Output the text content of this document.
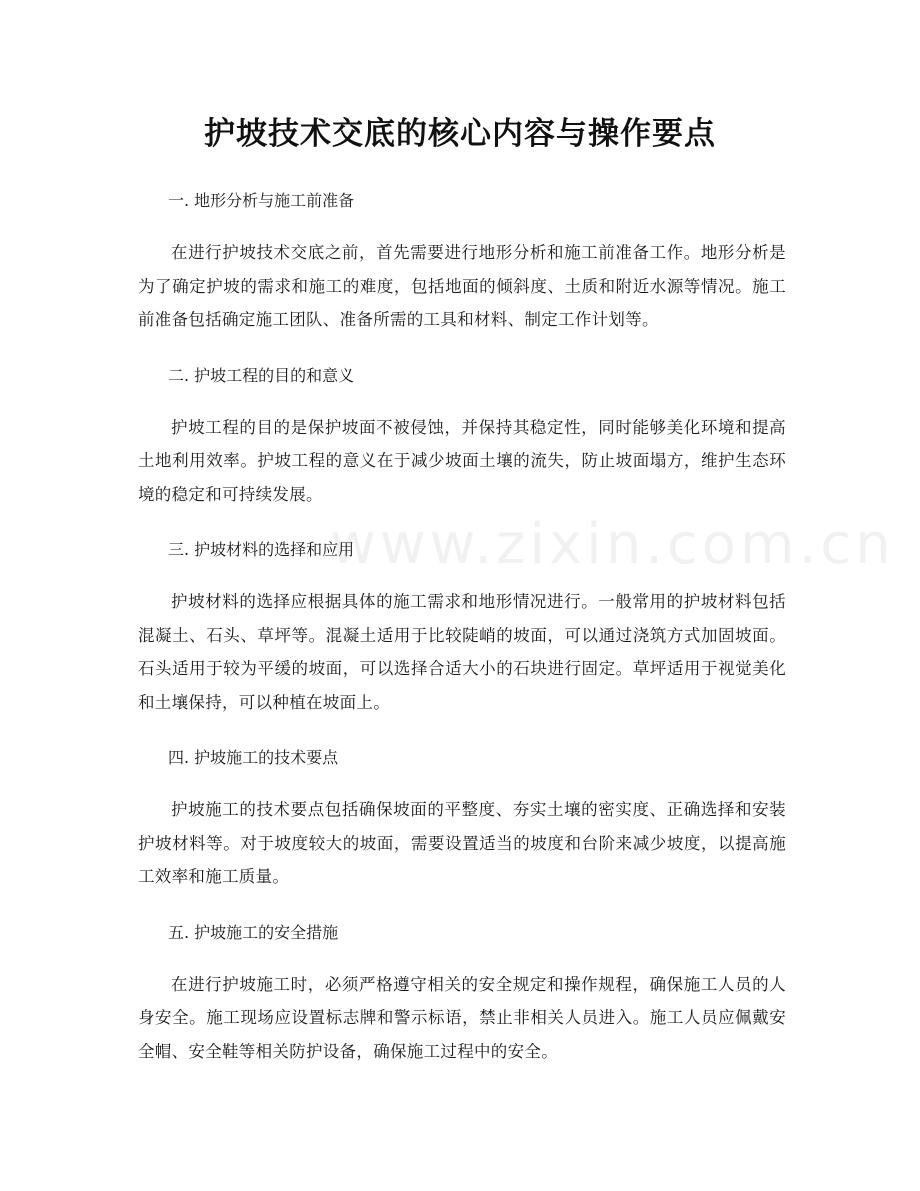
护坡技术交底的核心内容与操作要点
www.zixin.com.cn

一. 地形分析与施工前准备

在进行护坡技术交底之前，首先需要进行地形分析和施工前准备工作。地形分析是为了确定护坡的需求和施工的难度，包括地面的倾斜度、土质和附近水源等情况。施工前准备包括确定施工团队、准备所需的工具和材料、制定工作计划等。

二. 护坡工程的目的和意义

护坡工程的目的是保护坡面不被侵蚀，并保持其稳定性，同时能够美化环境和提高土地利用效率。护坡工程的意义在于减少坡面土壤的流失，防止坡面塌方，维护生态环境的稳定和可持续发展。

三. 护坡材料的选择和应用

护坡材料的选择应根据具体的施工需求和地形情况进行。一般常用的护坡材料包括混凝土、石头、草坪等。混凝土适用于比较陡峭的坡面，可以通过浇筑方式加固坡面。石头适用于较为平缓的坡面，可以选择合适大小的石块进行固定。草坪适用于视觉美化和土壤保持，可以种植在坡面上。

四. 护坡施工的技术要点

护坡施工的技术要点包括确保坡面的平整度、夯实土壤的密实度、正确选择和安装护坡材料等。对于坡度较大的坡面，需要设置适当的坡度和台阶来减少坡度，以提高施工效率和施工质量。

五. 护坡施工的安全措施

在进行护坡施工时，必须严格遵守相关的安全规定和操作规程，确保施工人员的人身安全。施工现场应设置标志牌和警示标语，禁止非相关人员进入。施工人员应佩戴安全帽、安全鞋等相关防护设备，确保施工过程中的安全。
